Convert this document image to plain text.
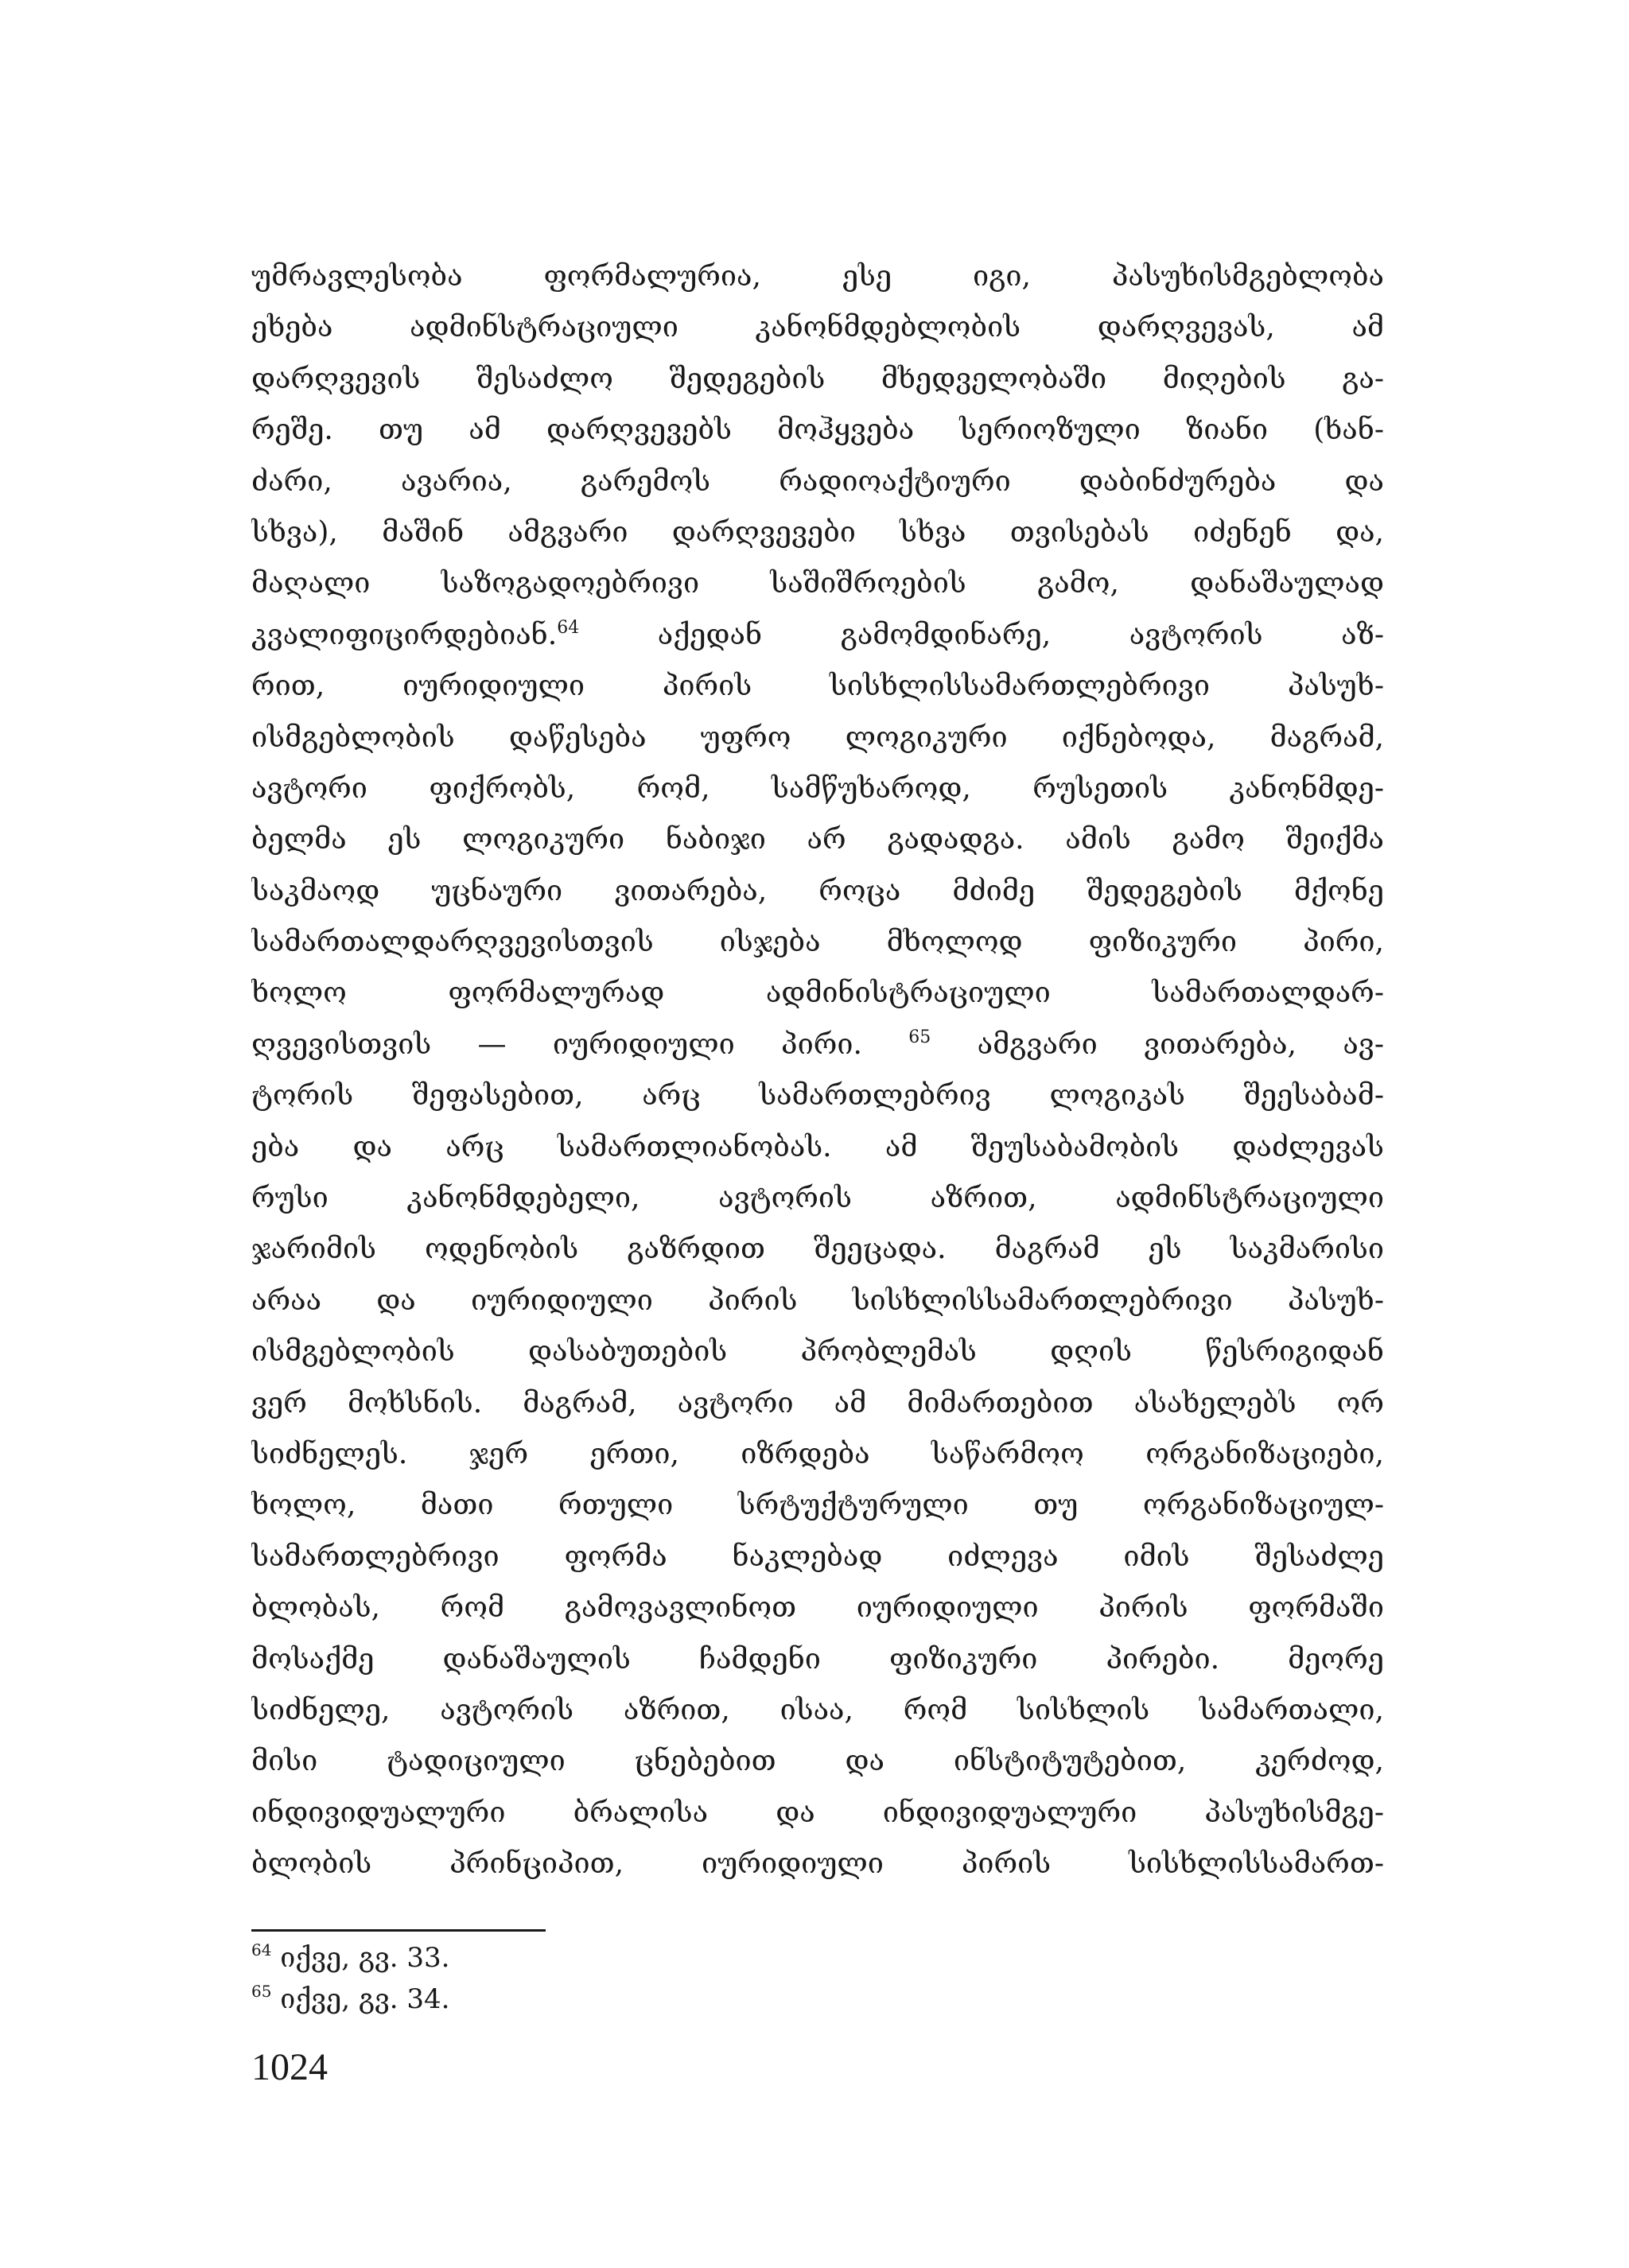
უმრავლესობა ფორმალურია, ესე იგი, პასუხისმგებლობა
ეხება ადმინსტრაციული კანონმდებლობის დარღვევას, ამ
დარღვევის შესაძლო შედეგების მხედველობაში მიღების გა-
რეშე. თუ ამ დარღვევებს მოჰყვება სერიოზული ზიანი (ხან-
ძარი, ავარია, გარემოს რადიოაქტიური დაბინძურება და
სხვა), მაშინ ამგვარი დარღვევები სხვა თვისებას იძენენ და,
მაღალი საზოგადოებრივი საშიშროების გამო, დანაშაულად
კვალიფიცირდებიან.$^{64}$	აქედან გამომდინარე, ავტორის აზ-
რით, იურიდიული პირის სისხლისსამართლებრივი პასუხ-
ისმგებლობის დაწესება უფრო ლოგიკური იქნებოდა, მაგრამ,
ავტორი ფიქრობს, რომ, სამწუხაროდ, რუსეთის კანონმდე-
ბელმა ეს ლოგიკური ნაბიჯი არ გადადგა. ამის გამო შეიქმა
საკმაოდ უცნაური ვითარება, როცა მძიმე შედეგების მქონე
სამართალდარღვევისთვის ისჯება მხოლოდ ფიზიკური პირი,
ხოლო ფორმალურად ადმინისტრაციული სამართალდარ-
ღვევისთვის — იურიდიული პირი.	$^{65}$ ამგვარი ვითარება, ავ-
ტორის შეფასებით, არც სამართლებრივ ლოგიკას შეესაბამ-
ება და არც სამართლიანობას. ამ შეუსაბამობის დაძლევას
რუსი კანონმდებელი, ავტორის აზრით, ადმინსტრაციული
ჯარიმის ოდენობის გაზრდით შეეცადა. მაგრამ ეს საკმარისი
არაა და იურიდიული პირის სისხლისსამართლებრივი პასუხ-
ისმგებლობის დასაბუთების პრობლემას დღის წესრიგიდან
ვერ მოხსნის. მაგრამ, ავტორი ამ მიმართებით ასახელებს ორ
სიძნელეს. ჯერ ერთი, იზრდება საწარმოო ორგანიზაციები,
ხოლო, მათი რთული სრტუქტურული თუ ორგანიზაციულ-
სამართლებრივი ფორმა ნაკლებად იძლევა იმის შესაძლე
ბლობას, რომ გამოვავლინოთ იურიდიული პირის ფორმაში
მოსაქმე დანაშაულის ჩამდენი ფიზიკური პირები. მეორე
სიძნელე, ავტორის აზრით, ისაა, რომ სისხლის სამართალი,
მისი ტადიციული ცნებებით და ინსტიტუტებით, კერძოდ,
ინდივიდუალური ბრალისა და ინდივიდუალური პასუხისმგე-
ბლობის პრინციპით, იურიდიული პირის სისხლისსამართ-
$^{64}$ იქვე, გვ. 33.
$^{65}$ იქვე, გვ. 34.
1024
